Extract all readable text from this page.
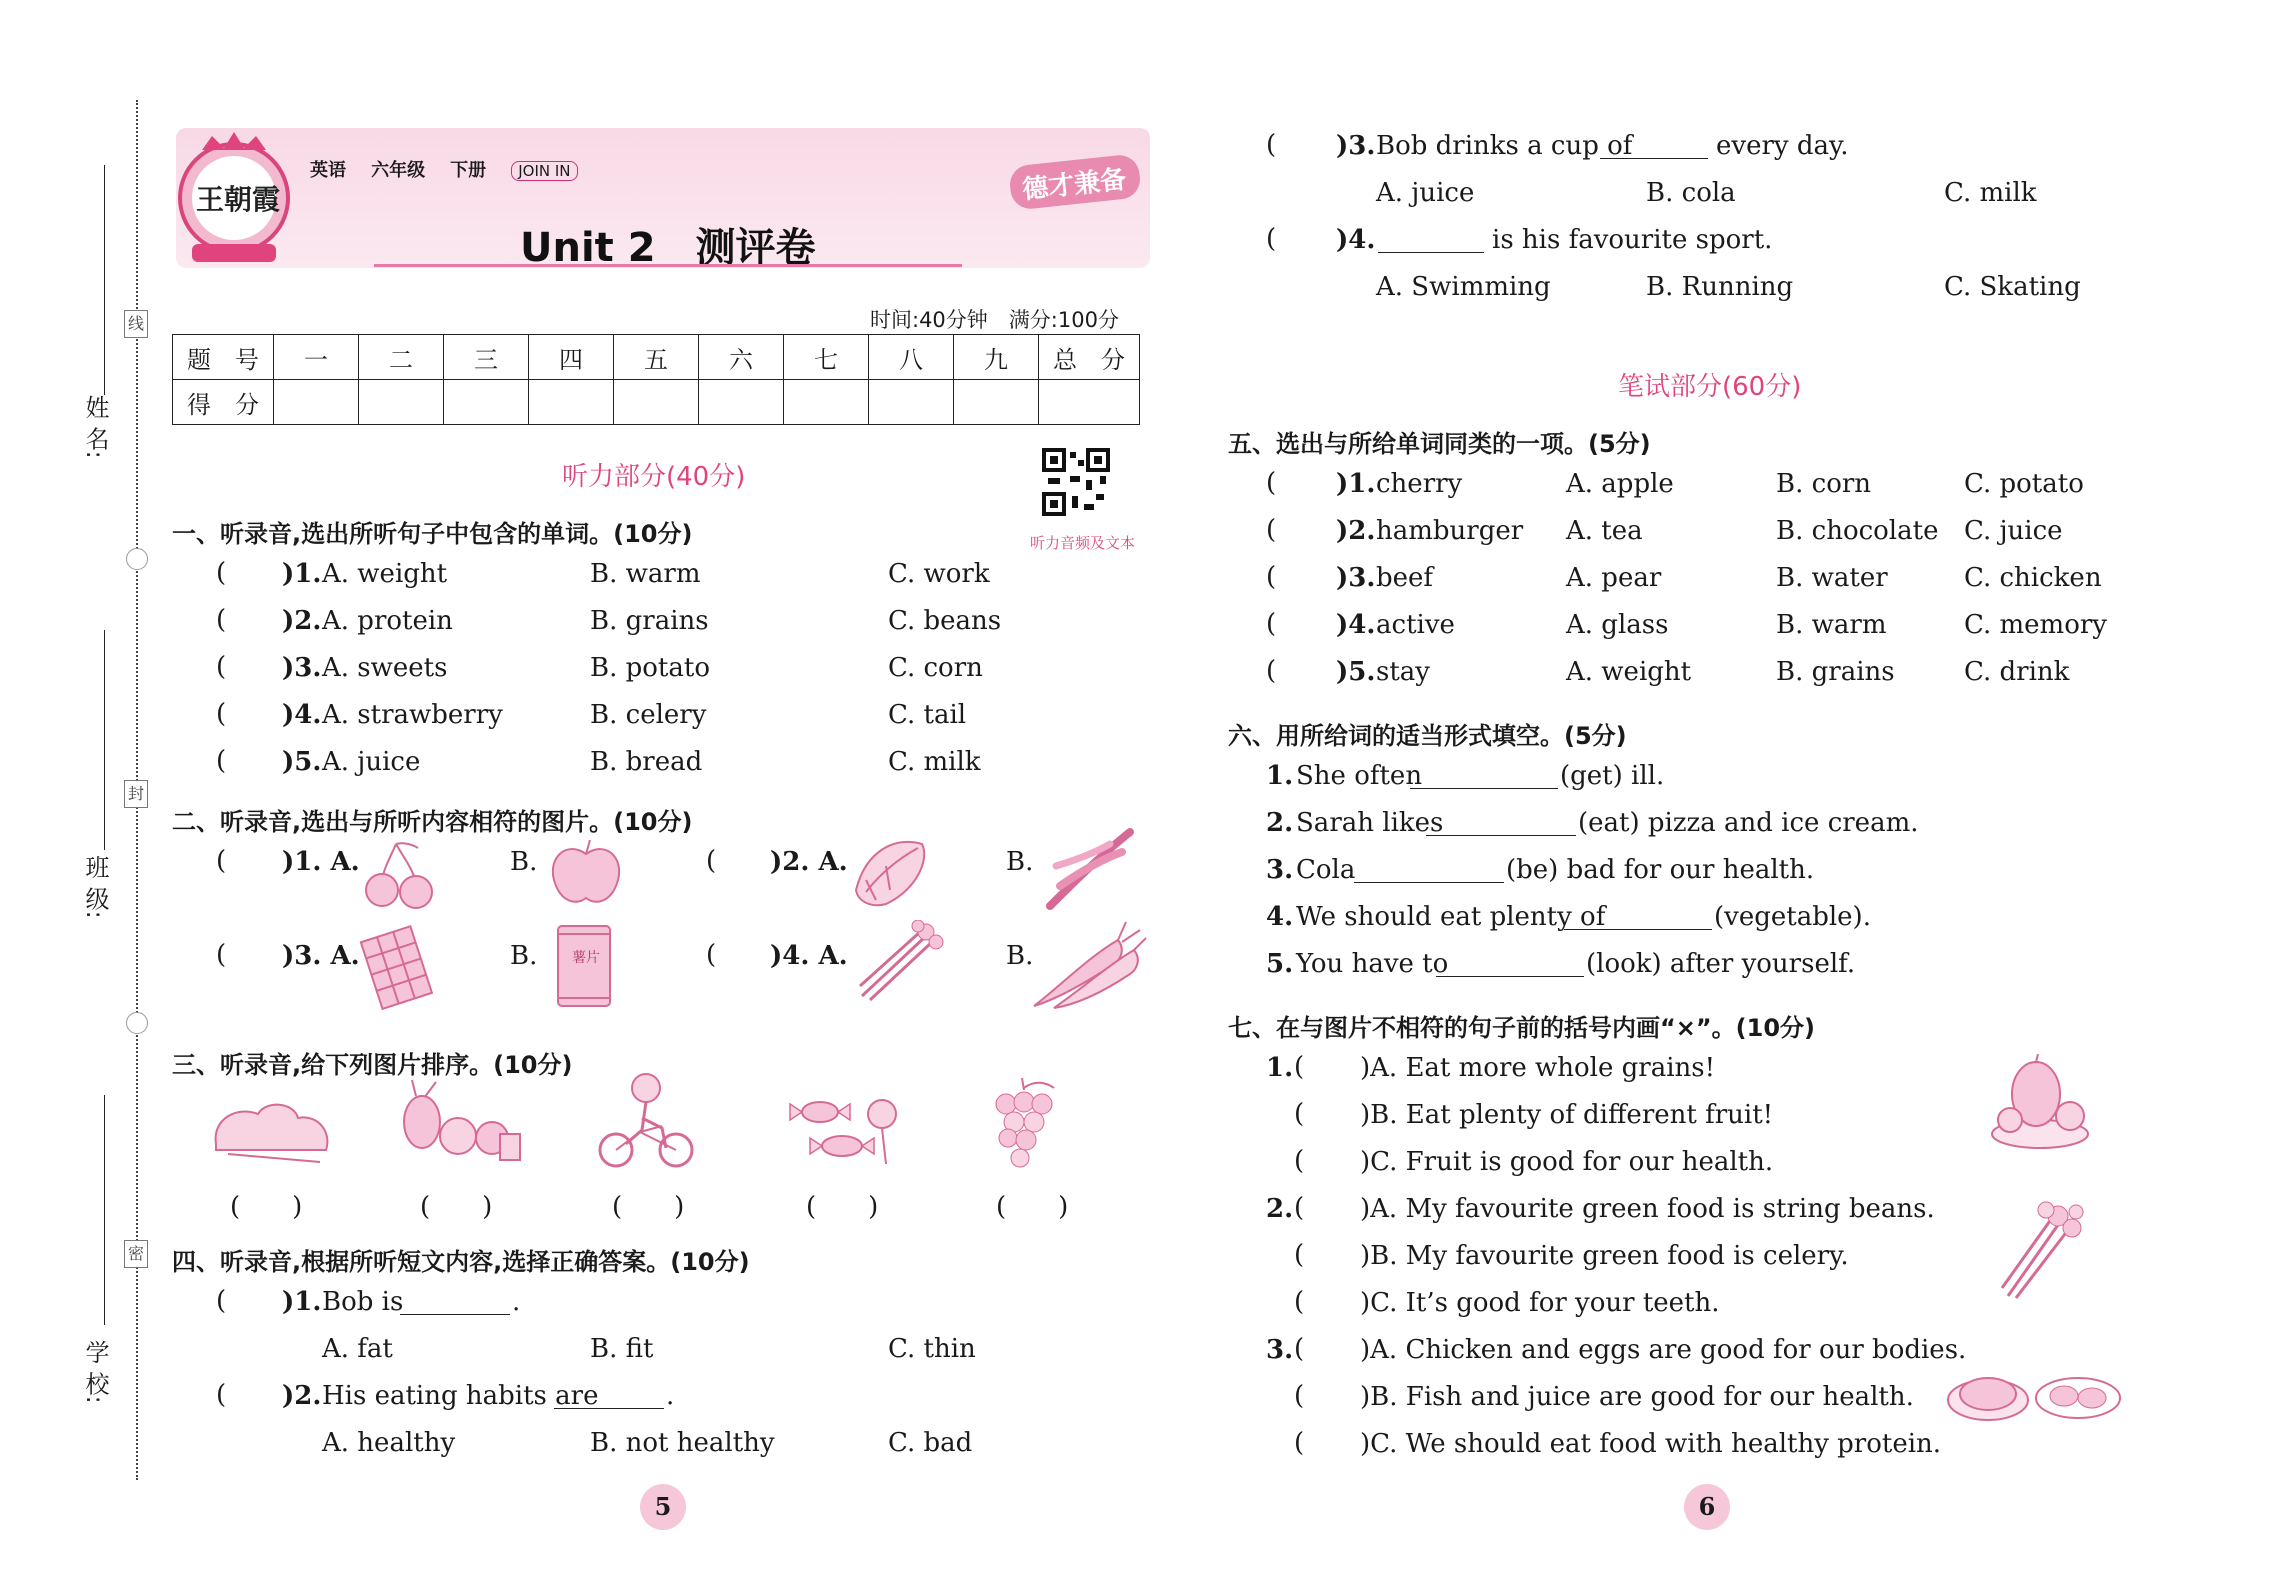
姓 名:
班 级:
学 校:
线
封
密
王朝霞
英语 六年级 下册 JOIN IN	德才兼备
Unit 2　测评卷
时间:40分钟　满分:100分
题　号	一	二	三	四	五	六	七	八	九	总　分
得　分										
听力部分(40分)
听力音频及文本
一、听录音,选出所听句子中包含的单词。(10分)
( )1. A. weight	B. warm	C. work
( )2. A. protein	B. grains	C. beans
( )3. A. sweets	B. potato	C. corn
( )4. A. strawberry	B. celery	C. tail
( )5. A. juice	B. bread	C. milk
二、听录音,选出与所听内容相符的图片。(10分)
( )1. A.	B.	( )2. A.	B.
( )3. A.	B. 薯片	( )4. A.	B.
三、听录音,给下列图片排序。(10分)
(　　)	(　　)	(　　)	(　　)	(　　)
四、听录音,根据所听短文内容,选择正确答案。(10分)
( )1. Bob is	.
A. fat	B. fit	C. thin
( )2. His eating habits are	.
A. healthy	B. not healthy	C. bad
5
( )3. Bob drinks a cup of	every day.
A. juice	B. cola	C. milk
( )4.	is his favourite sport.
A. Swimming	B. Running	C. Skating
笔试部分(60分)
五、选出与所给单词同类的一项。(5分)
( )1. cherry	A. apple	B. corn	C. potato
( )2. hamburger A. tea	B. chocolate C. juice
( )3. beef	A. pear	B. water	C. chicken
( )4. active	A. glass	B. warm	C. memory
( )5. stay	A. weight	B. grains	C. drink
六、用所给词的适当形式填空。(5分)
1. She often	(get) ill.
2. Sarah likes	(eat) pizza and ice cream.
3. Cola	(be) bad for our health.
4. We should eat plenty of	(vegetable).
5. You have to	(look) after yourself.
七、在与图片不相符的句子前的括号内画“×”。(10分)
1. ( )A. Eat more whole grains!
( )B. Eat plenty of different fruit!
( )C. Fruit is good for our health.
2. ( )A. My favourite green food is string beans.
( )B. My favourite green food is celery.
( )C. It’s good for your teeth.
3. ( )A. Chicken and eggs are good for our bodies.
( )B. Fish and juice are good for our health.
( )C. We should eat food with healthy protein.
6
